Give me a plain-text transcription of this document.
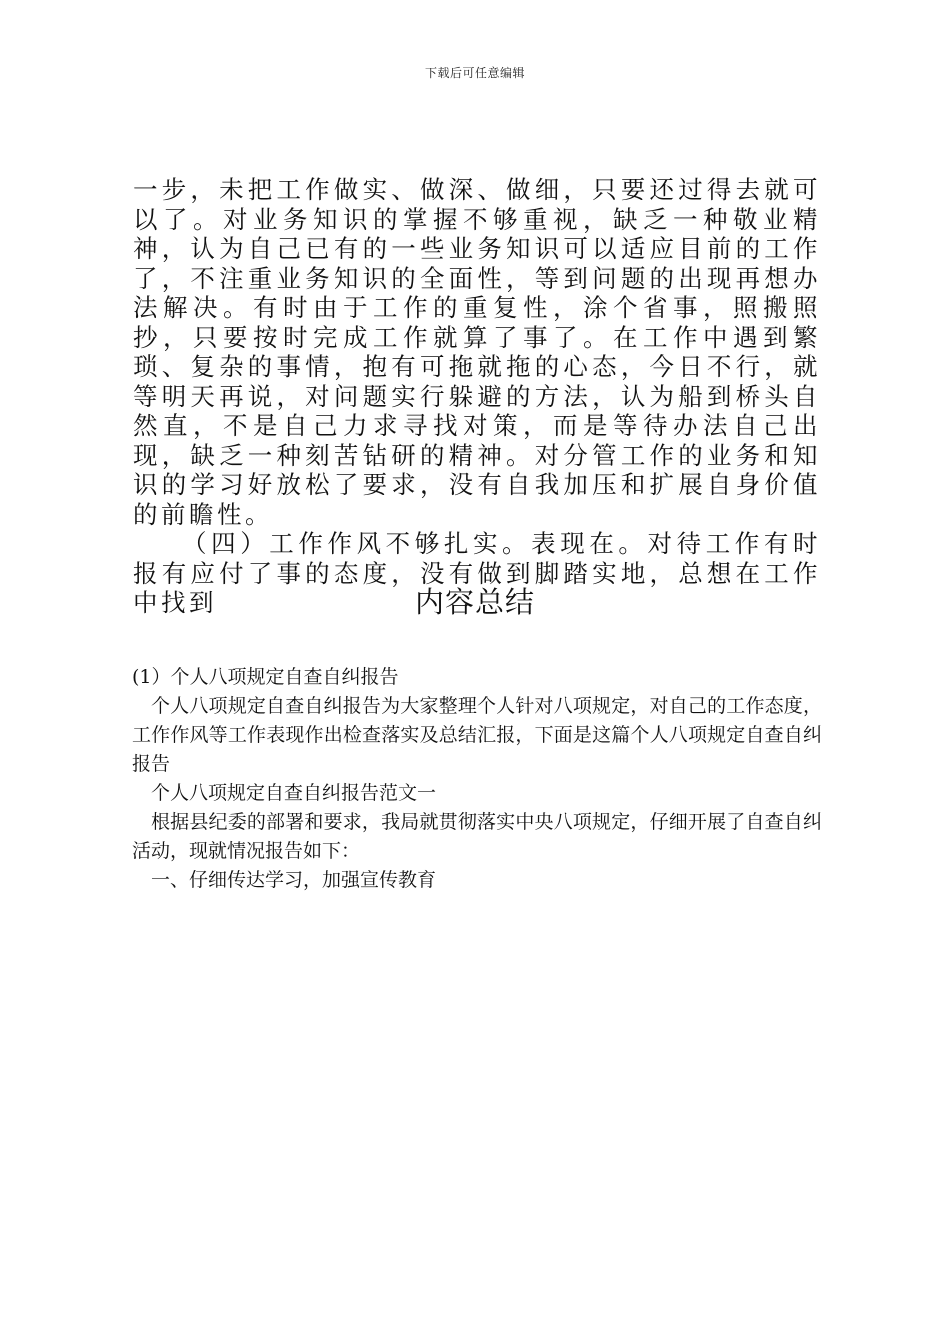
下载后可任意编辑

一步，未把工作做实、做深、做细，只要还过得去就可以了。对业务知识的掌握不够重视，缺乏一种敬业精神，认为自己已有的一些业务知识可以适应目前的工作了，不注重业务知识的全面性，等到问题的出现再想办法解决。有时由于工作的重复性，涂个省事，照搬照抄，只要按时完成工作就算了事了。在工作中遇到繁琐、复杂的事情，抱有可拖就拖的心态，今日不行，就等明天再说，对问题实行躲避的方法，认为船到桥头自然直，不是自己力求寻找对策，而是等待办法自己出现，缺乏一种刻苦钻研的精神。对分管工作的业务和知识的学习好放松了要求，没有自我加压和扩展自身价值的前瞻性。

（四）工作作风不够扎实。表现在。对待工作有时报有应付了事的态度，没有做到脚踏实地，总想在工作中找到	内容总结

(1）个人八项规定自查自纠报告

个人八项规定自查自纠报告为大家整理个人针对八项规定，对自己的工作态度，工作作风等工作表现作出检查落实及总结汇报，下面是这篇个人八项规定自查自纠报告

个人八项规定自查自纠报告范文一

根据县纪委的部署和要求，我局就贯彻落实中央八项规定，仔细开展了自查自纠活动，现就情况报告如下：

一、仔细传达学习，加强宣传教育
